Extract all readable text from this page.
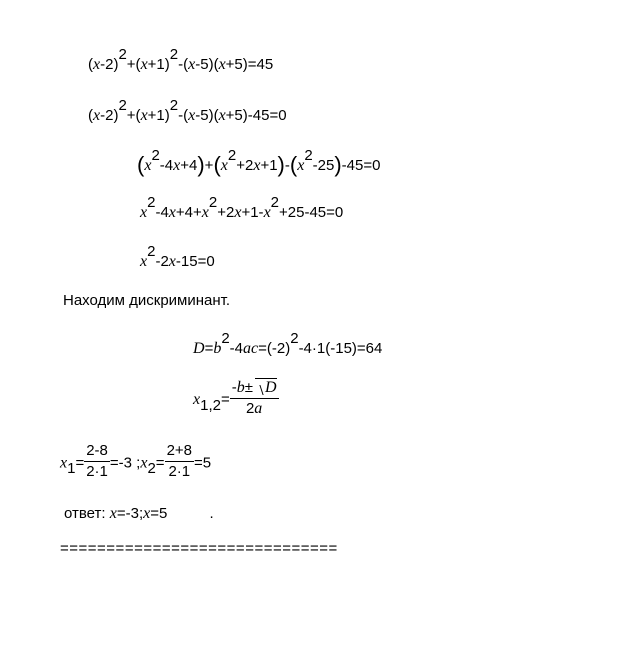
(x-2)2+(x+1)2-(x-5)(x+5)=45
(x-2)2+(x+1)2-(x-5)(x+5)-45=0
(x2-4x+4)+(x2+2x+1)-(x2-25)-45=0
x2-4x+4+x2+2x+1-x2+25-45=0
x2-2x-15=0
Находим дискриминант.
D=b2-4ac=(-2)2-4·1(-15)=64
$x1,2= \frac{-b\pm D}{2a}$
$x1= \frac{2-8}{2\cdot 1} =-3$ ;x2= $\frac{2+8}{2\cdot 1} =5$
ответ: x=-3;x=5	.
==============================
